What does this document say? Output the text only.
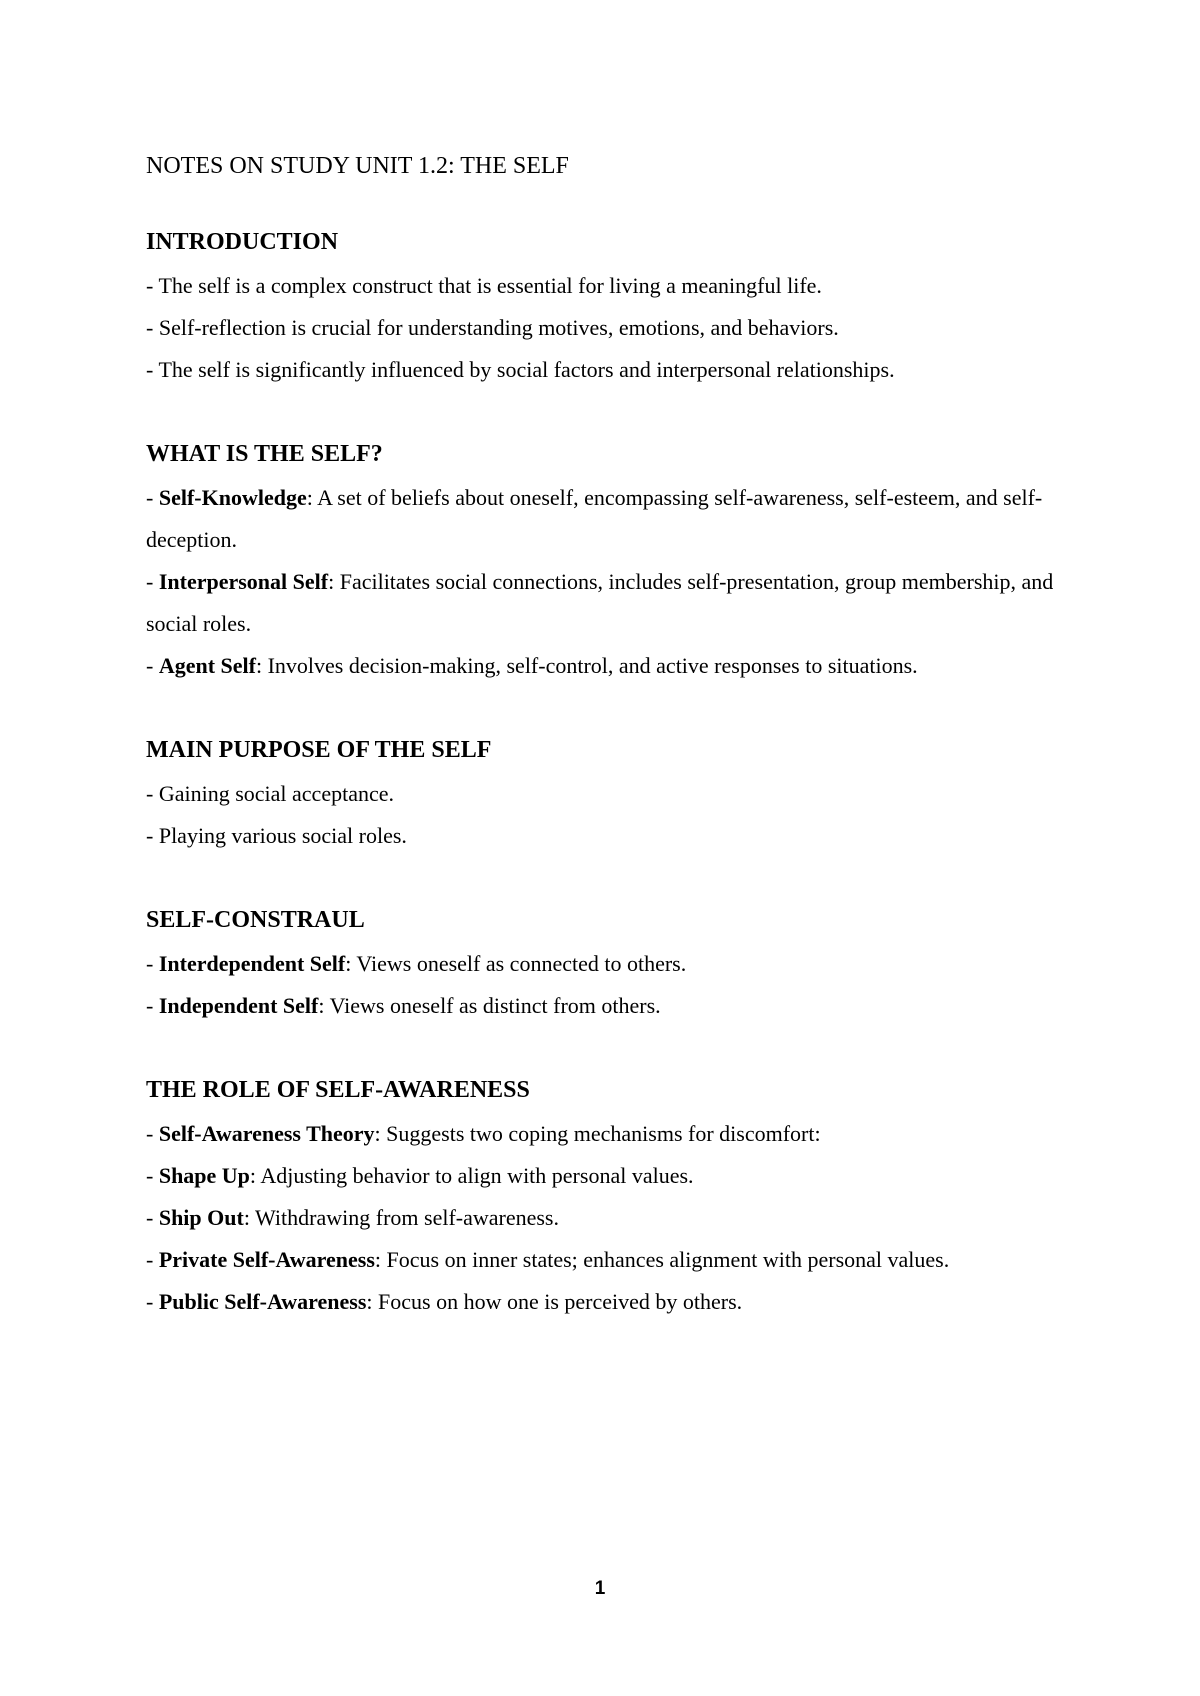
NOTES ON STUDY UNIT 1.2: THE SELF
INTRODUCTION

- The self is a complex construct that is essential for living a meaningful life.

- Self-reflection is crucial for understanding motives, emotions, and behaviors.

- The self is significantly influenced by social factors and interpersonal relationships.

WHAT IS THE SELF?

- Self-Knowledge: A set of beliefs about oneself, encompassing self-awareness, self-esteem, and self-deception.

- Interpersonal Self: Facilitates social connections, includes self-presentation, group membership, and social roles.

- Agent Self: Involves decision-making, self-control, and active responses to situations.

MAIN PURPOSE OF THE SELF

- Gaining social acceptance.

- Playing various social roles.

SELF-CONSTRAUL

- Interdependent Self: Views oneself as connected to others.

- Independent Self: Views oneself as distinct from others.

THE ROLE OF SELF-AWARENESS

- Self-Awareness Theory: Suggests two coping mechanisms for discomfort:

- Shape Up: Adjusting behavior to align with personal values.

- Ship Out: Withdrawing from self-awareness.

- Private Self-Awareness: Focus on inner states; enhances alignment with personal values.

- Public Self-Awareness: Focus on how one is perceived by others.

1
